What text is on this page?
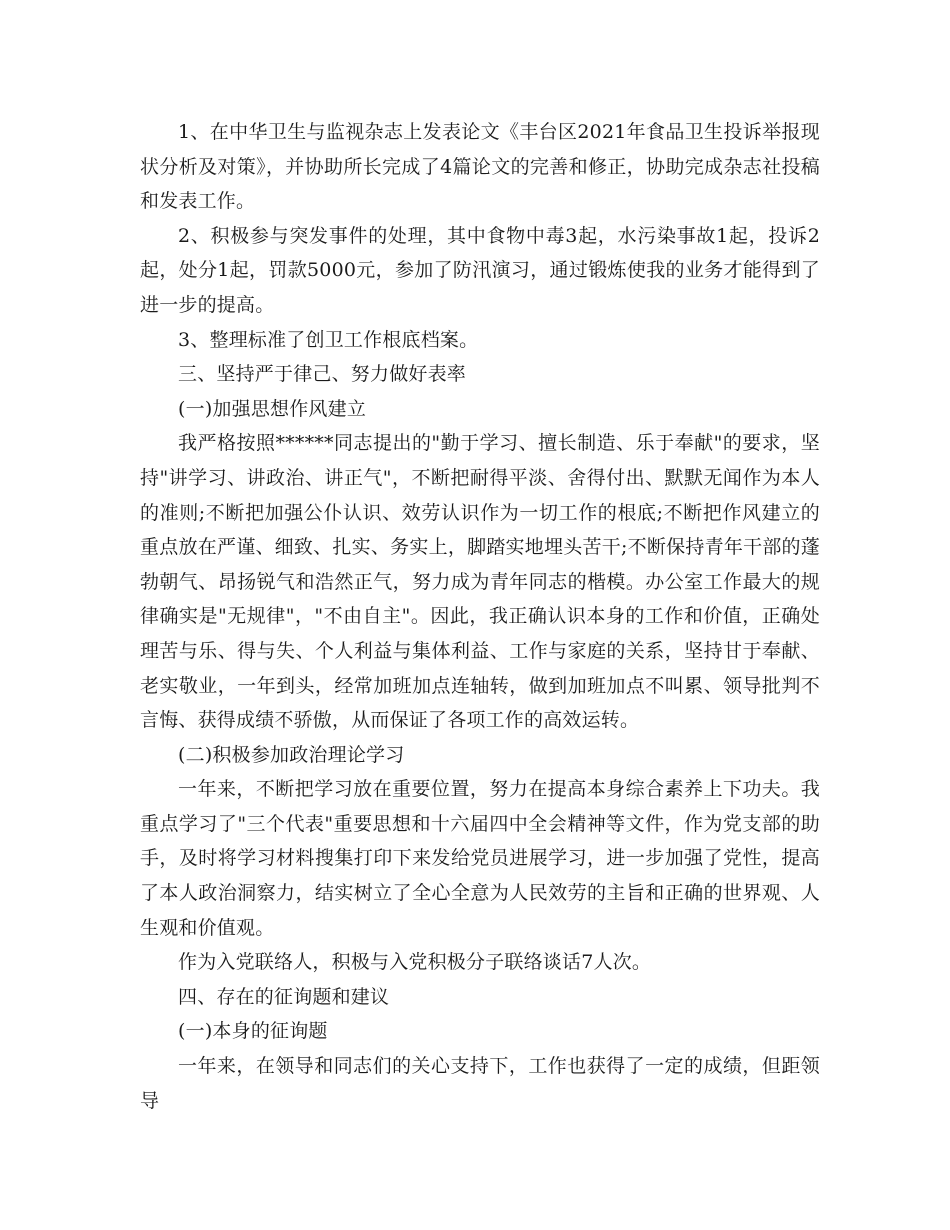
1、在中华卫生与监视杂志上发表论文《丰台区2021年食品卫生投诉举报现状分析及对策》，并协助所长完成了4篇论文的完善和修正，协助完成杂志社投稿和发表工作。

2、积极参与突发事件的处理，其中食物中毒3起，水污染事故1起，投诉2起，处分1起，罚款5000元，参加了防汛演习，通过锻炼使我的业务才能得到了进一步的提高。

3、整理标准了创卫工作根底档案。

三、坚持严于律己、努力做好表率

(一)加强思想作风建立

我严格按照******同志提出的"勤于学习、擅长制造、乐于奉献"的要求，坚持"讲学习、讲政治、讲正气"，不断把耐得平淡、舍得付出、默默无闻作为本人的准则;不断把加强公仆认识、效劳认识作为一切工作的根底;不断把作风建立的重点放在严谨、细致、扎实、务实上，脚踏实地埋头苦干;不断保持青年干部的蓬勃朝气、昂扬锐气和浩然正气，努力成为青年同志的楷模。办公室工作最大的规律确实是"无规律"，"不由自主"。因此，我正确认识本身的工作和价值，正确处理苦与乐、得与失、个人利益与集体利益、工作与家庭的关系，坚持甘于奉献、老实敬业，一年到头，经常加班加点连轴转，做到加班加点不叫累、领导批判不言悔、获得成绩不骄傲，从而保证了各项工作的高效运转。

(二)积极参加政治理论学习

一年来，不断把学习放在重要位置，努力在提高本身综合素养上下功夫。我重点学习了"三个代表"重要思想和十六届四中全会精神等文件，作为党支部的助手，及时将学习材料搜集打印下来发给党员进展学习，进一步加强了党性，提高了本人政治洞察力，结实树立了全心全意为人民效劳的主旨和正确的世界观、人生观和价值观。

作为入党联络人，积极与入党积极分子联络谈话7人次。

四、存在的征询题和建议

(一)本身的征询题

一年来，在领导和同志们的关心支持下，工作也获得了一定的成绩，但距领导
